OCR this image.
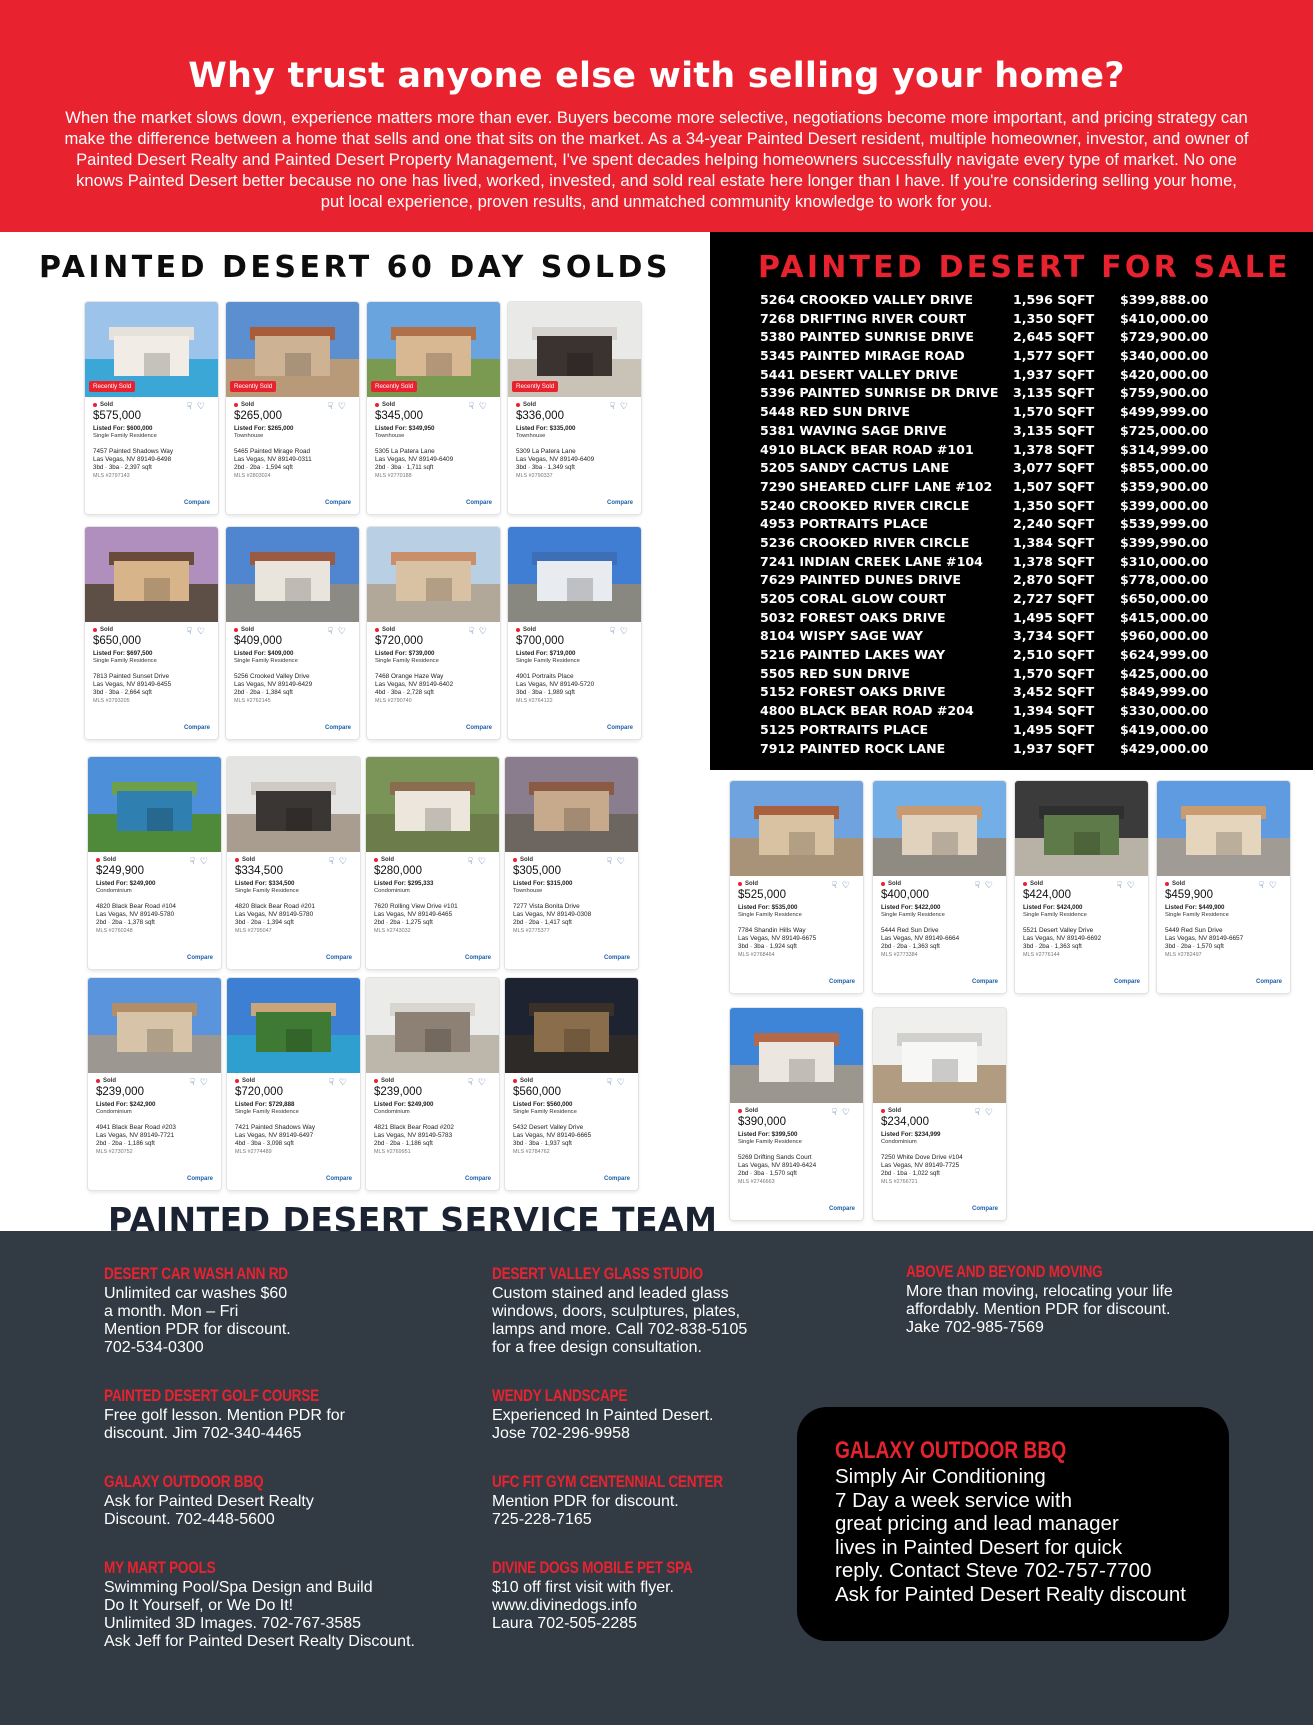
Why trust anyone else with selling your home?

When the market slows down, experience matters more than ever. Buyers become more selective, negotiations become more important, and pricing strategy can make the difference between a home that sells and one that sits on the market. As a 34-year Painted Desert resident, multiple homeowner, investor, and owner of Painted Desert Realty and Painted Desert Property Management, I've spent decades helping homeowners successfully navigate every type of market. No one knows Painted Desert better because no one has lived, worked, invested, and sold real estate here longer than I have. If you're considering selling your home, put local experience, proven results, and unmatched community knowledge to work for you.

PAINTED DESERT 60 DAY SOLDS	PAINTED DESERT FOR SALE
5264 CROOKED VALLEY DRIVE	1,596 SQFT $399,888.00
7268 DRIFTING RIVER COURT	1,350 SQFT $410,000.00
5380 PAINTED SUNRISE DRIVE	2,645 SQFT $729,900.00
5345 PAINTED MIRAGE ROAD	1,577 SQFT $340,000.00
5441 DESERT VALLEY DRIVE	1,937 SQFT $420,000.00
5396 PAINTED SUNRISE DR DRIVE 3,135 SQFT $759,900.00
5448 RED SUN DRIVE	1,570 SQFT $499,999.00
5381 WAVING SAGE DRIVE	3,135 SQFT $725,000.00
4910 BLACK BEAR ROAD #101	1,378 SQFT $314,999.00
5205 SANDY CACTUS LANE	3,077 SQFT $855,000.00
7290 SHEARED CLIFF LANE #102 1,507 SQFT $359,900.00
5240 CROOKED RIVER CIRCLE	1,350 SQFT $399,000.00
4953 PORTRAITS PLACE	2,240 SQFT $539,999.00
5236 CROOKED RIVER CIRCLE	1,384 SQFT $399,990.00
7241 INDIAN CREEK LANE #104 1,378 SQFT $310,000.00
7629 PAINTED DUNES DRIVE	2,870 SQFT $778,000.00
5205 CORAL GLOW COURT	2,727 SQFT $650,000.00
5032 FOREST OAKS DRIVE	1,495 SQFT $415,000.00
8104 WISPY SAGE WAY	3,734 SQFT $960,000.00
5216 PAINTED LAKES WAY	2,510 SQFT $624,999.00
5505 RED SUN DRIVE	1,570 SQFT $425,000.00
5152 FOREST OAKS DRIVE	3,452 SQFT $849,999.00
4800 BLACK BEAR ROAD #204	1,394 SQFT $330,000.00
5125 PORTRAITS PLACE	1,495 SQFT $419,000.00
7912 PAINTED ROCK LANE	1,937 SQFT $429,000.00
Recently Sold
Sold	☟♡
$575,000
Listed For: $600,000
Single Family Residence
7457 Painted Shadows Way
Las Vegas, NV 89149-6498
3bd · 3ba · 2,397 sqft
MLS #2797143
Compare
Recently Sold
Sold	☟♡
$265,000
Listed For: $265,000
Townhouse
5465 Painted Mirage Road
Las Vegas, NV 89149-0311
2bd · 2ba · 1,594 sqft
MLS #2803024
Compare
Recently Sold
Sold	☟♡
$345,000
Listed For: $349,950
Townhouse
5305 La Patera Lane
Las Vegas, NV 89149-6409
2bd · 3ba · 1,711 sqft
MLS #2770188
Compare
Recently Sold
Sold	☟♡
$336,000
Listed For: $335,000
Townhouse
5309 La Patera Lane
Las Vegas, NV 89149-6409
3bd · 3ba · 1,349 sqft
MLS #2790337
Compare
Sold	☟♡
$650,000
Listed For: $697,500
Single Family Residence
7813 Painted Sunset Drive
Las Vegas, NV 89149-6455
3bd · 3ba · 2,664 sqft
MLS #2793205
Compare
Sold	☟♡
$409,000
Listed For: $409,000
Single Family Residence
5256 Crooked Valley Drive
Las Vegas, NV 89149-6429
2bd · 2ba · 1,384 sqft
MLS #2762145
Compare
Sold	☟♡
$720,000
Listed For: $739,000
Single Family Residence
7468 Orange Haze Way
Las Vegas, NV 89149-6402
4bd · 3ba · 2,728 sqft
MLS #2790740
Compare
Sold	☟♡
$700,000
Listed For: $719,000
Single Family Residence
4901 Portraits Place
Las Vegas, NV 89149-5720
3bd · 3ba · 1,989 sqft
MLS #2764122
Compare
Sold	☟♡
$249,900
Listed For: $249,900
Condominium
4820 Black Bear Road #104
Las Vegas, NV 89149-5780
2bd · 2ba · 1,378 sqft
MLS #2760248
Compare
Sold	☟♡
$334,500
Listed For: $334,500
Single Family Residence
4820 Black Bear Road #201
Las Vegas, NV 89149-5780
3bd · 2ba · 1,394 sqft
MLS #2795047
Compare
Sold	☟♡
$280,000
Listed For: $295,333
Condominium
7620 Rolling View Drive #101
Las Vegas, NV 89149-6465
2bd · 2ba · 1,275 sqft
MLS #2743032
Compare
Sold	☟♡
$305,000
Listed For: $315,000
Townhouse
7277 Vista Bonita Drive
Las Vegas, NV 89149-0308
2bd · 2ba · 1,417 sqft
MLS #2775377
Compare
Sold	☟♡
$239,000
Listed For: $242,900
Condominium
4941 Black Bear Road #203
Las Vegas, NV 89149-7721
2bd · 2ba · 1,186 sqft
MLS #2730752
Compare
Sold	☟♡
$720,000
Listed For: $729,888
Single Family Residence
7421 Painted Shadows Way
Las Vegas, NV 89149-6497
4bd · 3ba · 3,098 sqft
MLS #2774489
Compare
Sold	☟♡
$239,000
Listed For: $249,900
Condominium
4821 Black Bear Road #202
Las Vegas, NV 89149-5783
2bd · 2ba · 1,186 sqft
MLS #2769951
Compare
Sold	☟♡
$560,000
Listed For: $560,000
Single Family Residence
5432 Desert Valley Drive
Las Vegas, NV 89149-6665
3bd · 3ba · 1,937 sqft
MLS #2784762
Compare
Sold	☟♡
$525,000
Listed For: $535,000
Single Family Residence
7784 Shandin Hills Way
Las Vegas, NV 89149-6675
3bd · 3ba · 1,924 sqft
MLS #2768464
Compare
Sold	☟♡
$400,000
Listed For: $422,000
Single Family Residence
5444 Red Sun Drive
Las Vegas, NV 89149-6664
2bd · 2ba · 1,363 sqft
MLS #2773384
Compare
Sold	☟♡
$424,000
Listed For: $424,000
Single Family Residence
5521 Desert Valley Drive
Las Vegas, NV 89149-6692
3bd · 2ba · 1,363 sqft
MLS #2776144
Compare
Sold	☟♡
$459,900
Listed For: $449,900
Single Family Residence
5449 Red Sun Drive
Las Vegas, NV 89149-6657
3bd · 2ba · 1,570 sqft
MLS #2782497
Compare
Sold	☟♡
$390,000
Listed For: $399,500
Single Family Residence
5269 Drifting Sands Court
Las Vegas, NV 89149-6424
2bd · 3ba · 1,570 sqft
MLS #2746663
Compare
Sold	☟♡
$234,000
Listed For: $234,999
Condominium
7250 White Dove Drive #104
Las Vegas, NV 89149-7725
2bd · 1ba · 1,022 sqft
MLS #2766721
Compare
PAINTED DESERT SERVICE TEAM
DESERT CAR WASH ANN RD
Unlimited car washes $60
a month. Mon – Fri
Mention PDR for discount.
702-534-0300
PAINTED DESERT GOLF COURSE
Free golf lesson. Mention PDR for
discount. Jim 702-340-4465
GALAXY OUTDOOR BBQ
Ask for Painted Desert Realty
Discount. 702-448-5600
MY MART POOLS
Swimming Pool/Spa Design and Build
Do It Yourself, or We Do It!
Unlimited 3D Images. 702-767-3585
Ask Jeff for Painted Desert Realty Discount.
DESERT VALLEY GLASS STUDIO
Custom stained and leaded glass
windows, doors, sculptures, plates,
lamps and more. Call 702-838-5105
for a free design consultation.
WENDY LANDSCAPE
Experienced In Painted Desert.
Jose 702-296-9958
UFC FIT GYM CENTENNIAL CENTER
Mention PDR for discount.
725-228-7165
DIVINE DOGS MOBILE PET SPA
$10 off first visit with flyer.
www.divinedogs.info
Laura 702-505-2285
ABOVE AND BEYOND MOVING
More than moving, relocating your life
affordably. Mention PDR for discount.
Jake 702-985-7569
GALAXY OUTDOOR BBQ
Simply Air Conditioning
7 Day a week service with
great pricing and lead manager
lives in Painted Desert for quick
reply. Contact Steve 702-757-7700
Ask for Painted Desert Realty discount
